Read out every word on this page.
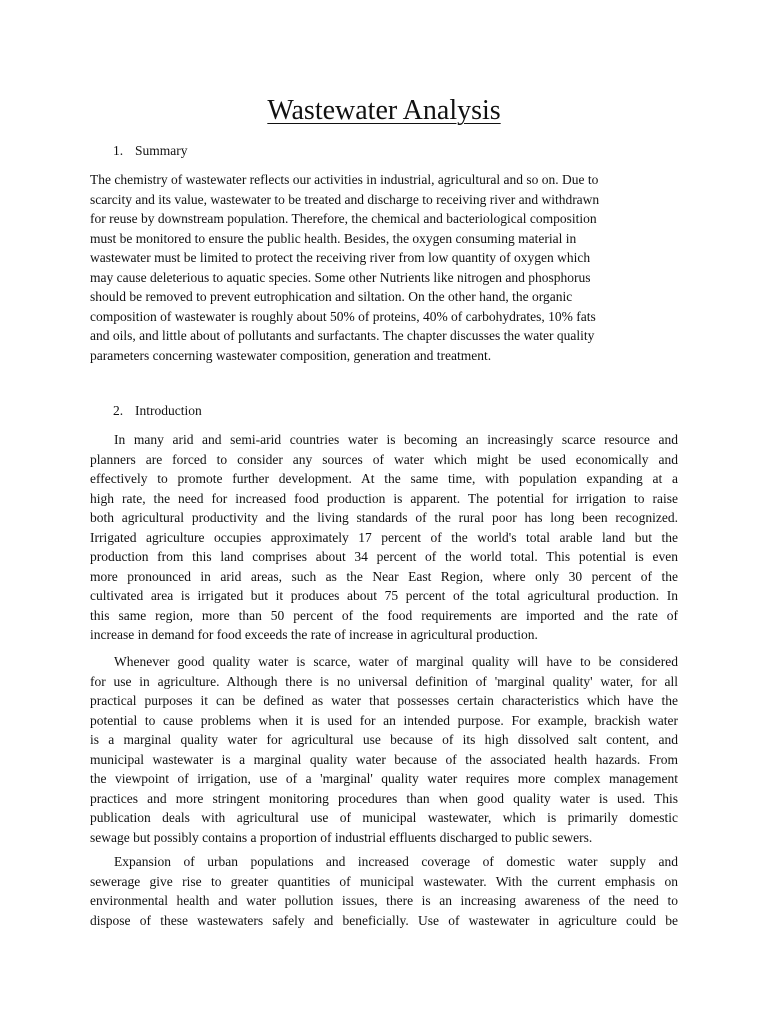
Wastewater Analysis
1. Summary

The chemistry of wastewater reflects our activities in industrial, agricultural and so on. Due to
scarcity and its value, wastewater to be treated and discharge to receiving river and withdrawn
for reuse by downstream population. Therefore, the chemical and bacteriological composition
must be monitored to ensure the public health. Besides, the oxygen consuming material in
wastewater must be limited to protect the receiving river from low quantity of oxygen which
may cause deleterious to aquatic species. Some other Nutrients like nitrogen and phosphorus
should be removed to prevent eutrophication and siltation. On the other hand, the organic
composition of wastewater is roughly about 50% of proteins, 40% of carbohydrates, 10% fats
and oils, and little about of pollutants and surfactants. The chapter discusses the water quality
parameters concerning wastewater composition, generation and treatment.

2. Introduction

In many arid and semi-arid countries water is becoming an increasingly scarce resource and
planners are forced to consider any sources of water which might be used economically and
effectively to promote further development. At the same time, with population expanding at a
high rate, the need for increased food production is apparent. The potential for irrigation to raise
both agricultural productivity and the living standards of the rural poor has long been recognized.
Irrigated agriculture occupies approximately 17 percent of the world's total arable land but the
production from this land comprises about 34 percent of the world total. This potential is even
more pronounced in arid areas, such as the Near East Region, where only 30 percent of the
cultivated area is irrigated but it produces about 75 percent of the total agricultural production. In
this same region, more than 50 percent of the food requirements are imported and the rate of
increase in demand for food exceeds the rate of increase in agricultural production.

Whenever good quality water is scarce, water of marginal quality will have to be considered
for use in agriculture. Although there is no universal definition of 'marginal quality' water, for all
practical purposes it can be defined as water that possesses certain characteristics which have the
potential to cause problems when it is used for an intended purpose. For example, brackish water
is a marginal quality water for agricultural use because of its high dissolved salt content, and
municipal wastewater is a marginal quality water because of the associated health hazards. From
the viewpoint of irrigation, use of a 'marginal' quality water requires more complex management
practices and more stringent monitoring procedures than when good quality water is used. This
publication deals with agricultural use of municipal wastewater, which is primarily domestic
sewage but possibly contains a proportion of industrial effluents discharged to public sewers.

Expansion of urban populations and increased coverage of domestic water supply and
sewerage give rise to greater quantities of municipal wastewater. With the current emphasis on
environmental health and water pollution issues, there is an increasing awareness of the need to
dispose of these wastewaters safely and beneficially. Use of wastewater in agriculture could be
